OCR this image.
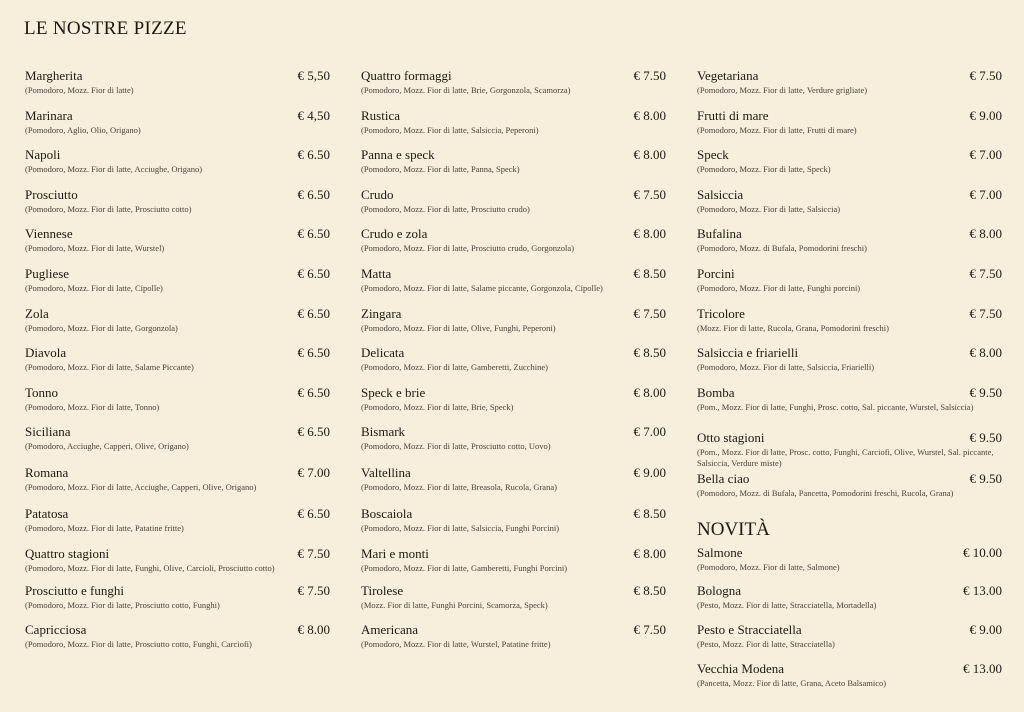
LE NOSTRE PIZZE
Margherita	€ 5,50
(Pomodoro, Mozz. Fior di latte)
Marinara	€ 4,50
(Pomodoro, Aglio, Olio, Origano)
Napoli	€ 6.50
(Pomodoro, Mozz. Fior di latte, Acciughe, Origano)
Prosciutto	€ 6.50
(Pomodoro, Mozz. Fior di latte, Prosciutto cotto)
Viennese	€ 6.50
(Pomodoro, Mozz. Fior di latte, Wurstel)
Pugliese	€ 6.50
(Pomodoro, Mozz. Fior di latte, Cipolle)
Zola	€ 6.50
(Pomodoro, Mozz. Fior di latte, Gorgonzola)
Diavola	€ 6.50
(Pomodoro, Mozz. Fior di latte, Salame Piccante)
Tonno	€ 6.50
(Pomodoro, Mozz. Fior di latte, Tonno)
Siciliana	€ 6.50
(Pomodoro, Acciughe, Capperi, Olive, Origano)
Romana	€ 7.00
(Pomodoro, Mozz. Fior di latte, Acciughe, Capperi, Olive, Origano)
Patatosa	€ 6.50
(Pomodoro, Mozz. Fior di latte, Patatine fritte)
Quattro stagioni	€ 7.50
(Pomodoro, Mozz. Fior di latte, Funghi, Olive, Carcioli, Prosciutto cotto)
Prosciutto e funghi	€ 7.50
(Pomodoro, Mozz. Fior di latte, Prosciutto cotto, Funghi)
Capricciosa	€ 8.00
(Pomodoro, Mozz. Fior di latte, Prosciutto cotto, Funghi, Carciofi)
Quattro formaggi	€ 7.50
(Pomodoro, Mozz. Fior di latte, Brie, Gorgonzola, Scamorza)
Rustica	€ 8.00
(Pomodoro, Mozz. Fior di latte, Salsiccia, Peperoni)
Panna e speck	€ 8.00
(Pomodoro, Mozz. Fior di latte, Panna, Speck)
Crudo	€ 7.50
(Pomodoro, Mozz. Fior di latte, Prosciutto crudo)
Crudo e zola	€ 8.00
(Pomodoro, Mozz. Fior di latte, Prosciutto crudo, Gorgonzola)
Matta	€ 8.50
(Pomodoro, Mozz. Fior di latte, Salame piccante, Gorgonzola, Cipolle)
Zingara	€ 7.50
(Pomodoro, Mozz. Fior di latte, Olive, Funghi, Peperoni)
Delicata	€ 8.50
(Pomodoro, Mozz. Fior di latte, Gamberetti, Zucchine)
Speck e brie	€ 8.00
(Pomodoro, Mozz. Fior di latte, Brie, Speck)
Bismark	€ 7.00
(Pomodoro, Mozz. Fior di latte, Prosciutto cotto, Uovo)
Valtellina	€ 9.00
(Pomodoro, Mozz. Fior di latte, Breasola, Rucola, Grana)
Boscaiola	€ 8.50
(Pomodoro, Mozz. Fior di latte, Salsiccia, Funghi Porcini)
Mari e monti	€ 8.00
(Pomodoro, Mozz. Fior di latte, Gamberetti, Funghi Porcini)
Tirolese	€ 8.50
(Mozz. Fior di latte, Funghi Porcini, Scamorza, Speck)
Americana	€ 7.50
(Pomodoro, Mozz. Fior di latte, Wurstel, Patatine fritte)
Vegetariana	€ 7.50
(Pomodoro, Mozz. Fior di latte, Verdure grigliate)
Frutti di mare	€ 9.00
(Pomodoro, Mozz. Fior di latte, Frutti di mare)
Speck	€ 7.00
(Pomodoro, Mozz. Fior di latte, Speck)
Salsiccia	€ 7.00
(Pomodoro, Mozz. Fior di latte, Salsiccia)
Bufalina	€ 8.00
(Pomodoro, Mozz. di Bufala, Pomodorini freschi)
Porcini	€ 7.50
(Pomodoro, Mozz. Fior di latte, Funghi porcini)
Tricolore	€ 7.50
(Mozz. Fior di latte, Rucola, Grana, Pomodorini freschi)
Salsiccia e friarielli	€ 8.00
(Pomodoro, Mozz. Fior di latte, Salsiccia, Friarielli)
Bomba	€ 9.50
(Pom., Mozz. Fior di latte, Funghi, Prosc. cotto, Sal. piccante, Wurstel, Salsiccia)
Otto stagioni	€ 9.50
(Pom., Mozz. Fior di latte, Prosc. cotto, Funghi, Carciofi, Olive, Wurstel, Sal. piccante, Salsiccia, Verdure miste)
Bella ciao	€ 9.50
(Pomodoro, Mozz. di Bufala, Pancetta, Pomodorini freschi, Rucola, Grana)
NOVITÀ
Salmone	€ 10.00
(Pomodoro, Mozz. Fior di latte, Salmone)
Bologna	€ 13.00
(Pesto, Mozz. Fior di latte, Stracciatella, Mortadella)
Pesto e Stracciatella	€ 9.00
(Pesto, Mozz. Fior di latte, Stracciatella)
Vecchia Modena	€ 13.00
(Pancetta, Mozz. Fior di latte, Grana, Aceto Balsamico)
